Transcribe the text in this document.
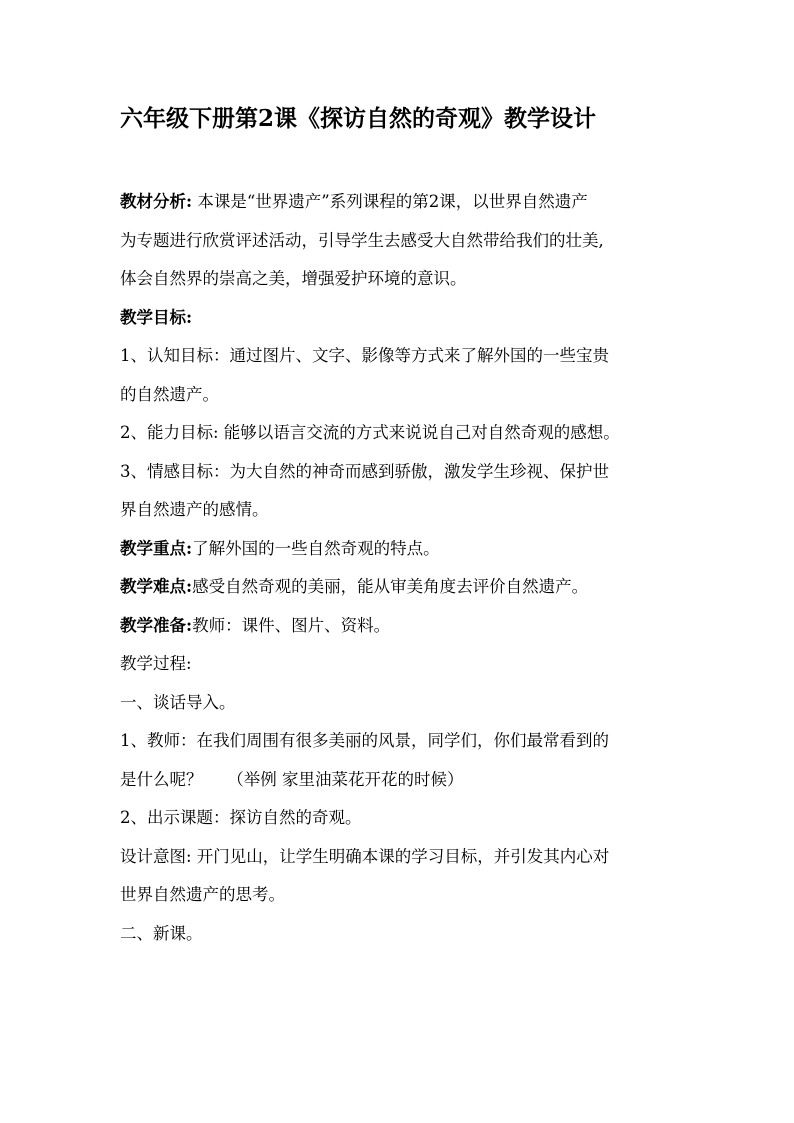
六年级下册第2课《探访自然的奇观》教学设计
教材分析: 本课是“世界遗产”系列课程的第2课，以世界自然遗产
为专题进行欣赏评述活动，引导学生去感受大自然带给我们的壮美,
体会自然界的崇高之美，增强爱护环境的意识。
教学目标:
1、认知目标：通过图片、文字、影像等方式来了解外国的一些宝贵
的自然遗产。
2、能力目标: 能够以语言交流的方式来说说自己对自然奇观的感想。
3、情感目标：为大自然的神奇而感到骄傲，激发学生珍视、保护世
界自然遗产的感情。
教学重点:了解外国的一些自然奇观的特点。
教学难点:感受自然奇观的美丽，能从审美角度去评价自然遗产。
教学准备:教师：课件、图片、资料。
教学过程:
一、谈话导入。
1、教师：在我们周围有很多美丽的风景，同学们，你们最常看到的
是什么呢？　　（举例 家里油菜花开花的时候）
2、出示课题：探访自然的奇观。
设计意图: 开门见山，让学生明确本课的学习目标，并引发其内心对
世界自然遗产的思考。
二、新课。
